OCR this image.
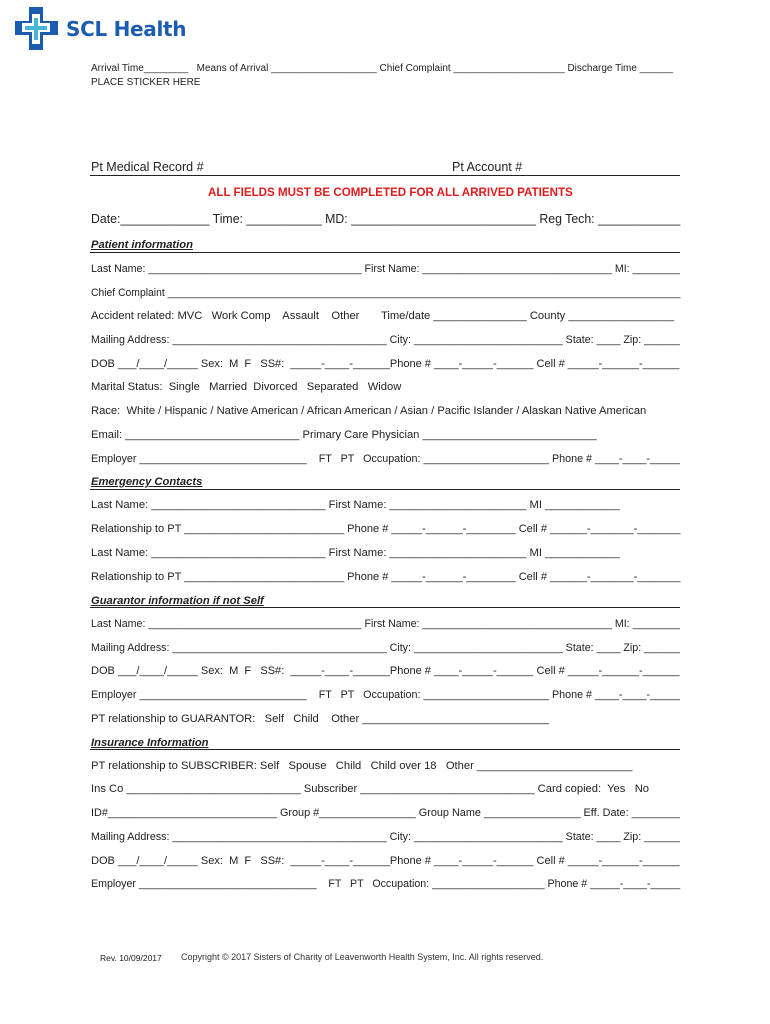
SCL Health
Arrival Time________   Means of Arrival ___________________ Chief Complaint ____________________ Discharge Time ______
PLACE STICKER HERE
Pt Medical Record #	Pt Account #
ALL FIELDS MUST BE COMPLETED FOR ALL ARRIVED PATIENTS
Date:_____________ Time: ___________ MD: ___________________________ Reg Tech: ____________
Patient information
Last Name: ____________________________________ First Name: ________________________________ MI: ________
Chief Complaint _________________________________________________________________________________________
Accident related: MVC   Work Comp    Assault    Other       Time/date _______________ County _________________
Mailing Address: ____________________________________ City: _________________________ State: ____ Zip: ______
DOB ___/____/_____ Sex:  M  F   SS#:  _____-____-______Phone # ____-_____-______ Cell # _____-______-______
Marital Status:  Single   Married  Divorced   Separated   Widow
Race:  White / Hispanic / Native American / African American / Asian / Pacific Islander / Alaskan Native American
Email: ____________________________ Primary Care Physician ____________________________
Employer ____________________________    FT   PT   Occupation: _____________________ Phone # ____-____-_____
Emergency Contacts
Last Name: ____________________________ First Name: ______________________ MI ____________
Relationship to PT __________________________ Phone # _____-______-________ Cell # ______-_______-_______
Last Name: ____________________________ First Name: ______________________ MI ____________
Relationship to PT __________________________ Phone # _____-______-________ Cell # ______-_______-_______
Guarantor information if not Self
Last Name: ____________________________________ First Name: ________________________________ MI: ________
Mailing Address: ____________________________________ City: _________________________ State: ____ Zip: ______
DOB ___/____/_____ Sex:  M  F   SS#:  _____-____-______Phone # ____-_____-______ Cell # _____-______-______
Employer ____________________________    FT   PT   Occupation: _____________________ Phone # ____-____-_____
PT relationship to GUARANTOR:   Self   Child    Other ______________________________
Insurance Information
PT relationship to SUBSCRIBER: Self   Spouse   Child   Child over 18   Other _________________________
Ins Co ____________________________ Subscriber ____________________________ Card copied:  Yes   No
ID#____________________________ Group #________________ Group Name ________________ Eff. Date: ________
Mailing Address: ____________________________________ City: _________________________ State: ____ Zip: ______
DOB ___/____/_____ Sex:  M  F   SS#:  _____-____-______Phone # ____-_____-______ Cell # _____-______-______
Employer ______________________________    FT   PT   Occupation: ___________________ Phone # _____-____-_____
Rev. 10/09/2017 Copyright © 2017 Sisters of Charity of Leavenworth Health System, Inc. All rights reserved.
